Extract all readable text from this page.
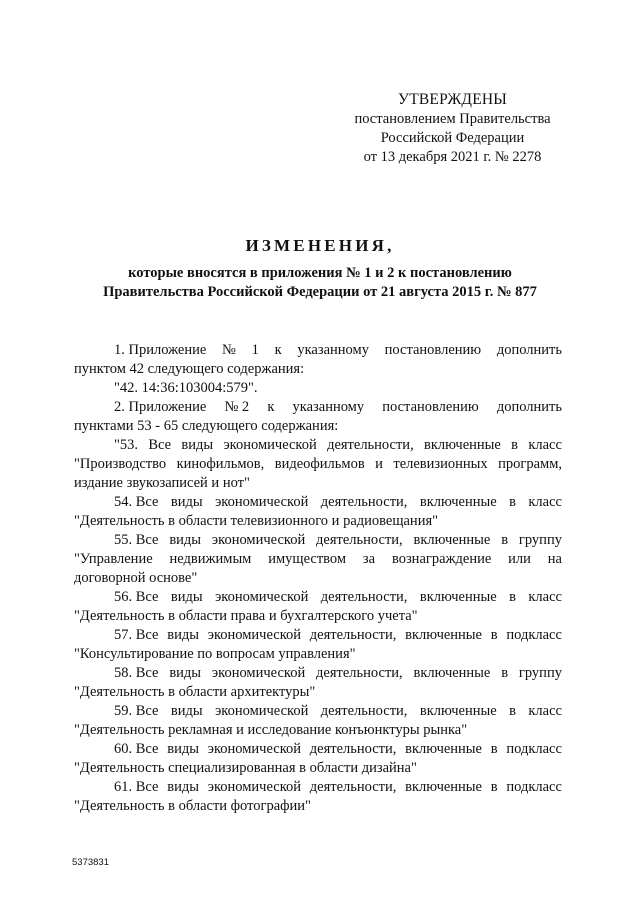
УТВЕРЖДЕНЫ
постановлением Правительства
Российской Федерации
от 13 декабря 2021 г. № 2278
ИЗМЕНЕНИЯ,
которые вносятся в приложения № 1 и 2 к постановлению
Правительства Российской Федерации от 21 августа 2015 г. № 877
1. Приложение № 1 к указанному постановлению дополнить
пунктом 42 следующего содержания:
"42. 14:36:103004:579".
2. Приложение № 2 к указанному постановлению дополнить
пунктами 53 - 65 следующего содержания:
"53. Все виды экономической деятельности, включенные в класс
"Производство кинофильмов, видеофильмов и телевизионных программ,
издание звукозаписей и нот"
54. Все виды экономической деятельности, включенные в класс
"Деятельность в области телевизионного и радиовещания"
55. Все виды экономической деятельности, включенные в группу
"Управление недвижимым имуществом за вознаграждение или на
договорной основе"
56. Все виды экономической деятельности, включенные в класс
"Деятельность в области права и бухгалтерского учета"
57. Все виды экономической деятельности, включенные в подкласс
"Консультирование по вопросам управления"
58. Все виды экономической деятельности, включенные в группу
"Деятельность в области архитектуры"
59. Все виды экономической деятельности, включенные в класс
"Деятельность рекламная и исследование конъюнктуры рынка"
60. Все виды экономической деятельности, включенные в подкласс
"Деятельность специализированная в области дизайна"
61. Все виды экономической деятельности, включенные в подкласс
"Деятельность в области фотографии"
5373831
